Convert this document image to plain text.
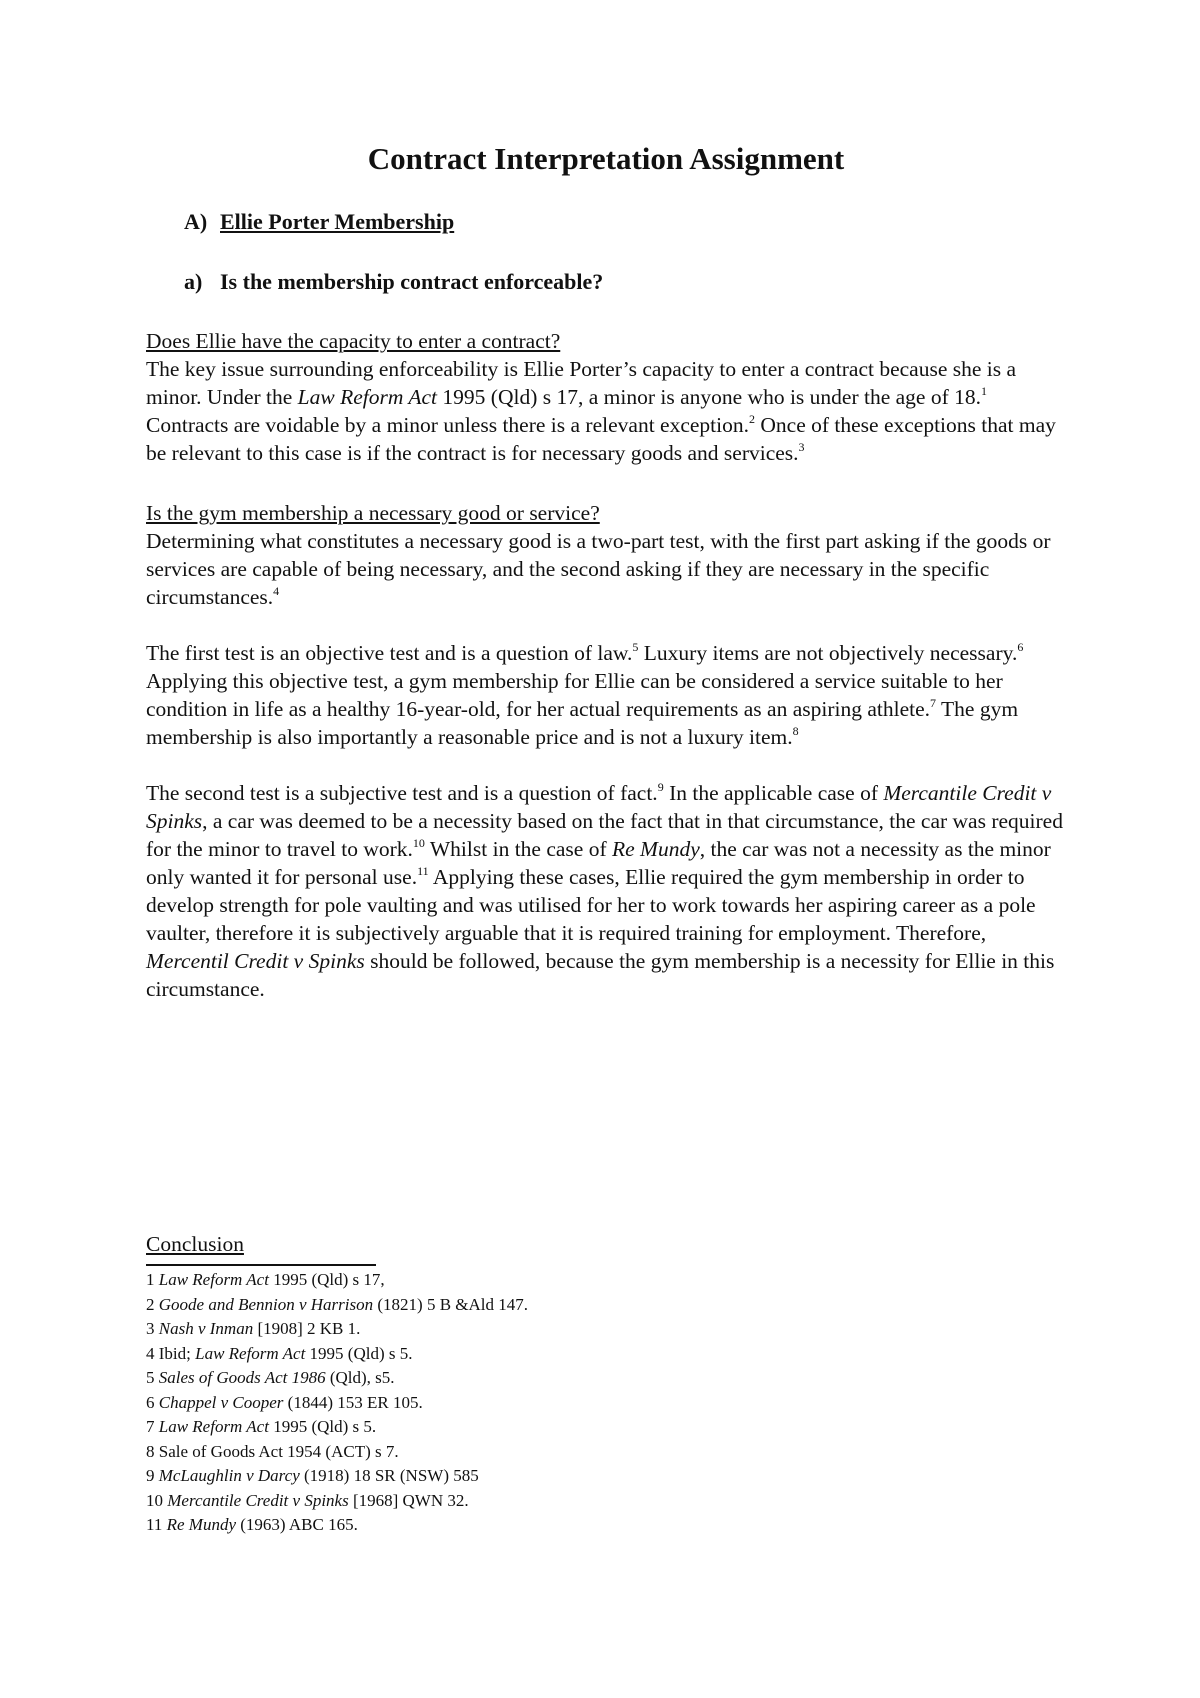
Contract Interpretation Assignment
A) Ellie Porter Membership
a) Is the membership contract enforceable?

Does Ellie have the capacity to enter a contract?

The key issue surrounding enforceability is Ellie Porter’s capacity to enter a contract because she is a minor. Under the Law Reform Act 1995 (Qld) s 17, a minor is anyone who is under the age of 18.$^1$ Contracts are voidable by a minor unless there is a relevant exception.$^2$ Once of these exceptions that may be relevant to this case is if the contract is for necessary goods and services.$^3$

Is the gym membership a necessary good or service?

Determining what constitutes a necessary good is a two-part test, with the first part asking if the goods or services are capable of being necessary, and the second asking if they are necessary in the specific circumstances.$^4$

The first test is an objective test and is a question of law.$^5$ Luxury items are not objectively necessary.$^6$ Applying this objective test, a gym membership for Ellie can be considered a service suitable to her condition in life as a healthy 16-year-old, for her actual requirements as an aspiring athlete.$^7$ The gym membership is also importantly a reasonable price and is not a luxury item.$^8$

The second test is a subjective test and is a question of fact.$^9$ In the applicable case of Mercantile Credit v Spinks, a car was deemed to be a necessity based on the fact that in that circumstance, the car was required for the minor to travel to work.$^{10}$ Whilst in the case of Re Mundy, the car was not a necessity as the minor only wanted it for personal use.$^{11}$ Applying these cases, Ellie required the gym membership in order to develop strength for pole vaulting and was utilised for her to work towards her aspiring career as a pole vaulter, therefore it is subjectively arguable that it is required training for employment. Therefore, Mercentil Credit v Spinks should be followed, because the gym membership is a necessity for Ellie in this circumstance.

Conclusion
1 Law Reform Act 1995 (Qld) s 17,
2 Goode and Bennion v Harrison (1821) 5 B &Ald 147.
3 Nash v Inman [1908] 2 KB 1.
4 Ibid; Law Reform Act 1995 (Qld) s 5.
5 Sales of Goods Act 1986 (Qld), s5.
6 Chappel v Cooper (1844) 153 ER 105.
7 Law Reform Act 1995 (Qld) s 5.
8 Sale of Goods Act 1954 (ACT) s 7.
9 McLaughlin v Darcy (1918) 18 SR (NSW) 585
10 Mercantile Credit v Spinks [1968] QWN 32.
11 Re Mundy (1963) ABC 165.
